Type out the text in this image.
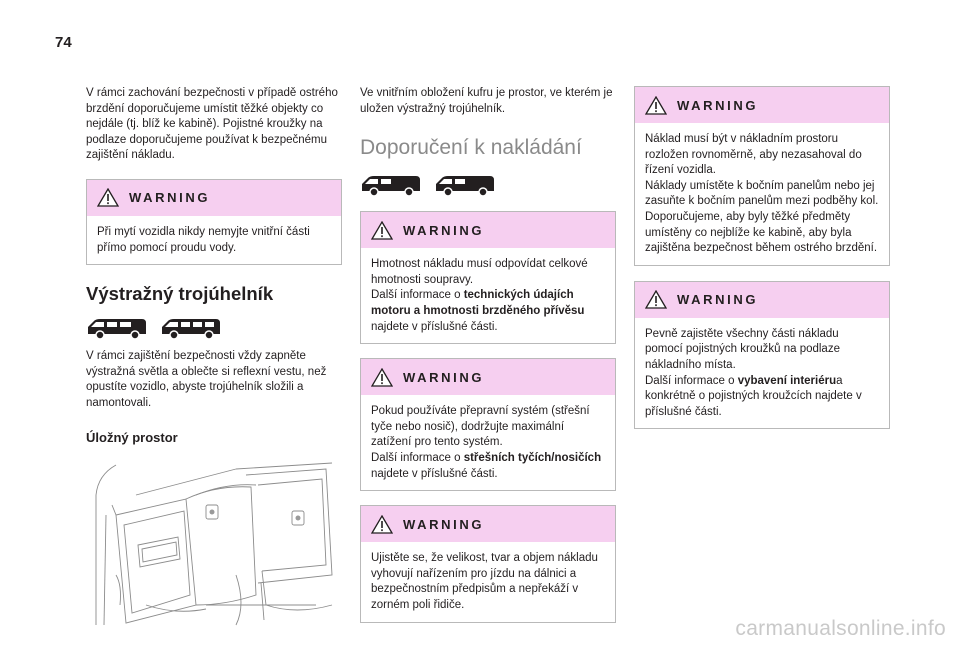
74

V rámci zachování bezpečnosti v případě ostrého brzdění doporučujeme umístit těžké objekty co nejdále (tj. blíž ke kabině). Pojistné kroužky na podlaze doporučujeme používat k bezpečnému zajištění nákladu.

WARNING
Při mytí vozidla nikdy nemyjte vnitřní části přímo pomocí proudu vody.
Výstražný trojúhelník

V rámci zajištění bezpečnosti vždy zapněte výstražná světla a oblečte si reflexní vestu, než opustíte vozidlo, abyste trojúhelník složili a namontovali.

Úložný prostor

Ve vnitřním obložení kufru je prostor, ve kterém je uložen výstražný trojúhelník.

Doporučení k nakládání
WARNING
Hmotnost nákladu musí odpovídat celkové hmotnosti soupravy.
Další informace o technických údajích motoru a hmotnosti brzděného přívěsu najdete v příslušné části.
WARNING
Pokud používáte přepravní systém (střešní tyče nebo nosič), dodržujte maximální zatížení pro tento systém.
Další informace o střešních tyčích/nosičích najdete v příslušné části.
WARNING
Ujistěte se, že velikost, tvar a objem nákladu vyhovují nařízením pro jízdu na dálnici a bezpečnostním předpisům a nepřekáží v zorném poli řidiče.
WARNING
Náklad musí být v nákladním prostoru rozložen rovnoměrně, aby nezasahoval do řízení vozidla.
Náklady umístěte k bočním panelům nebo jej zasuňte k bočním panelům mezi podběhy kol.
Doporučujeme, aby byly těžké předměty umístěny co nejblíže ke kabině, aby byla zajištěna bezpečnost během ostrého brzdění.
WARNING
Pevně zajistěte všechny části nákladu pomocí pojistných kroužků na podlaze nákladního místa.
Další informace o vybavení interiérua konkrétně o pojistných kroužcích najdete v příslušné části.
carmanualsonline.info
